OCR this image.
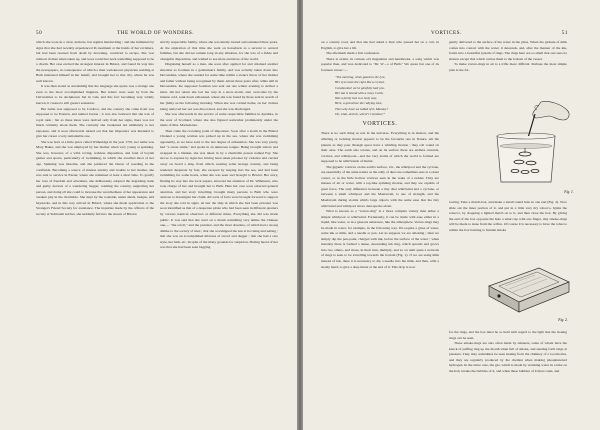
50	THE WORLD OF WONDERS.

which she wore in a clear, delicate, but regular handwriting ; and she intimated by signs that she had recently experienced ill-treatment at the hands of her ravishers, but had been rescued from death by drowning, contrived to escape. She was without clothes when taken up, and wore round her neck something supposed to be a charm. Her case excited the strongest interest in Bristol, and found its way into the newspapers, in consequence of which a then well-known physician residing at Bath interested himself in her behalf, and brought her to that city, where he was well known.

It was then stated as astonishing that the language she spoke was a strange one even to the most accomplished linguists. Her letters were seen by both the Universities to be deciphered, but in vain, and this fact becoming very widely known, it created a still greater sensation.

Her name was supposed to be Caraboo, and the country she came from was supposed to be Eastern, and named Javasu ; it was also believed that she was of royal rank ; but as these ideas were derived only from her signs, there was not much certainty about them. The curiosity she awakened led ultimately to her exposure, and it soon afterwards turned out that her imposture was intended to give her career a very remarkable one.

She was born at a little place called Witheridge in the year 1791, her name was Mary Baker, and she was employed by her mother when very young at spinning. She was, however, of a wild, roving, reckless disposition, and fond of boyish games and sports, particularly of swimming, in which she excelled most of her age. Spinning was irksome, and she preferred the labour of weeding in the cornfields. Becoming a source of intense anxiety and trouble to her mother, she was sent to service in Exeter, where she remained at least a short time. To gratify her love of freedom and adventure, she deliberately adopted the degrading trade and guilty devices of a wandering beggar, roaming the country, neglecting her person, and doing all she could to increase the wretchedness of her appearance and awaken pity in the charitable. She slept by the roadside, under sheds, hedges, and haystacks, and in this way arrived in Bristol, where she made application to the Stranger's Friend Society for assistance. The inquiries made by the officers of the society at Sidmouth led her, she suddenly fell into the streets of Bristol.

strictly respectable family, where she was kindly treated and remained three years. At the expiration of that time she went on horseback as a servant to several families, but she did not remain long in any situation, for she was of a fickle and changeful disposition, and wished to see more and more of the world.

Disguising herself as a man, she soon after applied for and obtained another situation as footman in a gentleman's family, and was actually taken down into Devonshire, where she resided for some time within a stone's throw of her mother and father without being recognised by them. About three years after, while still in Devonshire, the supposed footman was sent out one winter evening to deliver a letter. On her return she lost her way in a snow-storm, and, overcome by the intense cold, sank down exhausted, where she was found by those sent in search of her (him) on the following morning. When she was carried home, on her clothes being removed her sex was discovered, and she was discharged.

She was afterwards in the service of some respectable families in Ayrshire, in the west of Scotland, where she also figured somewhat prominently under the name of Mrs. Mackenzies.

Then came the crowning point of imposture. Soon after a storm in the Bristol Channel a young woman was picked up in the sea, where she was swimming apparently, as we have said, to the last degree of exhaustion. She was very pretty, had "a sweet smile," and spoke in an unknown tongue. Being brought ashore and wrapped in a blanket, she was taken in by a charitable person named Fay. She strove to express by signs her having been taken prisoner by violence and carried away on board a ship, from which, nearing some strange country, and being rendered desperate by fear, she escaped by leaping into the sea, and had been swimming for some hours, when she was seen and brought to Bristol. Her story, finding its way into the local papers, attracted the attention of Dr. Wilkinson, who took charge of her and brought her to Bath. Here her case soon attracted general attention, and her story travelling, brought many persons to Bath who were anxious to investigate her claim. All sorts of facts were brought forward to support the story she told in signs. At last the ship in which she had been prisoner was soon identified as that of a desperate pirate who had been seen in different quarters by various nautical observers at different times. Everything she did was made public. It was said that she went on a charm something very unlike the Chinese one,— "the scroll," and the prettiest, and the most absolute, of which had a strong dislike to the society of men ; that she worshipped the sun at its rising and setting ; that she was an accomplished mistress of sword and dagger ; that she had a rare style, her bath, etc. In spite of the many grounds for suspicion. Having heard of her was that she had been seen begging

VORTICES.	51

on a country road, and that she had asked a man who passed her on a cart, in English, to give her a lift.

The aftermath made a full confession.

There is extant, in curious old magazines and handbooks, a song which was popular then, and was dedicated to "Dr. W—s of Bath." We quote but one of its fourteen verses :—

"The morning, when gazed to the lyre,
Her eyes have the right like a crystal,
Carabooina! we've gleefully hail you.
Her hat is bound with a rosey Carib,
Was a pretty lass in a lusty way,
Here, a grand bee the rallying tone,
Then why have we talked of it, Mammy?
Oh, what, and oh, where's Caraboo?"
VORTICES.

There is no such thing as rest in the universe. Everything is in motion, and the whirling or twisting motion appears to be the favourite one in Nature. All the planets as they pass through space have a whirling motion ; they roll round on their axes. The earth also rotates, and on its surface there are endless currents, vortices, and whirlpools—and the very atoms of which the world is formed are supposed to be whirlwinds of matter.

The gigantic vortices on the earth's surface, viz., the whirlpool and the cyclone, are essentially of the same nature as the eddy of dust one sometimes sees at a street corner, or as the little hollow vortices seen in the wake of a rudder. They are masses of air or water, with a top-like spinning motion, and they are capable of great force. The only difference between a tiny dust whirlwind and a cyclone, or between a small whirlpool and the Maelstrom, is one of strength, and the Maelstrom during storms whirls large objects with the same ease that the tiny whirlwind and whirlpool move dust-specks about.

What is known as a "vortex-ring" is a more complex variety than either a simple whirlpool or whirlwind. Fortunately, it can be made with ease either in a liquid, like water, or in a gaseous substance, like the atmosphere. Vortex-rings may be made in water, for example, in the following way. We require a glass of water, some ink or milk, and a needle or pen. Let us suppose we are smoking ; then we simply dip the pen-point, charged with ink, below the surface of the water ; when instantly there is formed a dense, descending ink ring, which spreads and grows into two others, and those, in their turn, multiply, and so on until quite a network of rings is seen to be travelling towards the bottom (Fig. 1). If we are using milk instead of ink, there it is necessary to dip a needle into the milk, and then, with a steady hand, to give a deep thrust at the end of it. This drop is now

gently delivered to the surface of the water in the glass. When the globule of milk comes into contact with the water, it descends, and, after the manner of the ink, forms into a beautiful system of rings. The rings here are so small that one sees no motion except that which carries them to the bottom of the vessel.

To make vortex-rings in air is a trifle more difficult. Perhaps the most simple plan is the fol-

Fig. 1.

lowing. Take a match-box, and make a small round hole in one end (Fig. 2). Now slide out the inner portion of it, and put in a little very dry tobacco. Ignite the tobacco, by dropping a lighted match on to it, and then close the box. By giving the end of the box opposite the hole a smart tap with one finger, tiny smoke-rings will be made to issue from the orifice. Of course it is necessary to have the tobacco within the box burning to furnish smoke

Fig. 2.

for the rings, and the box must be so held with regard to the light that the issuing rings can be seen.

These smoke-rings are also often made by smokers, some of whom have the knack of puffing ring up the mouth when full of smoke, and sending forth rings at pleasure. They may sometimes be seen issuing from the chimney of a locomotive, and they are regularly produced by the chemist when making phosphuretted hydrogen. In the latter case, the gas, which is made by warming water in a tube on the hob, breaks the bubbles of it, and when these bubbles of it then count, and
